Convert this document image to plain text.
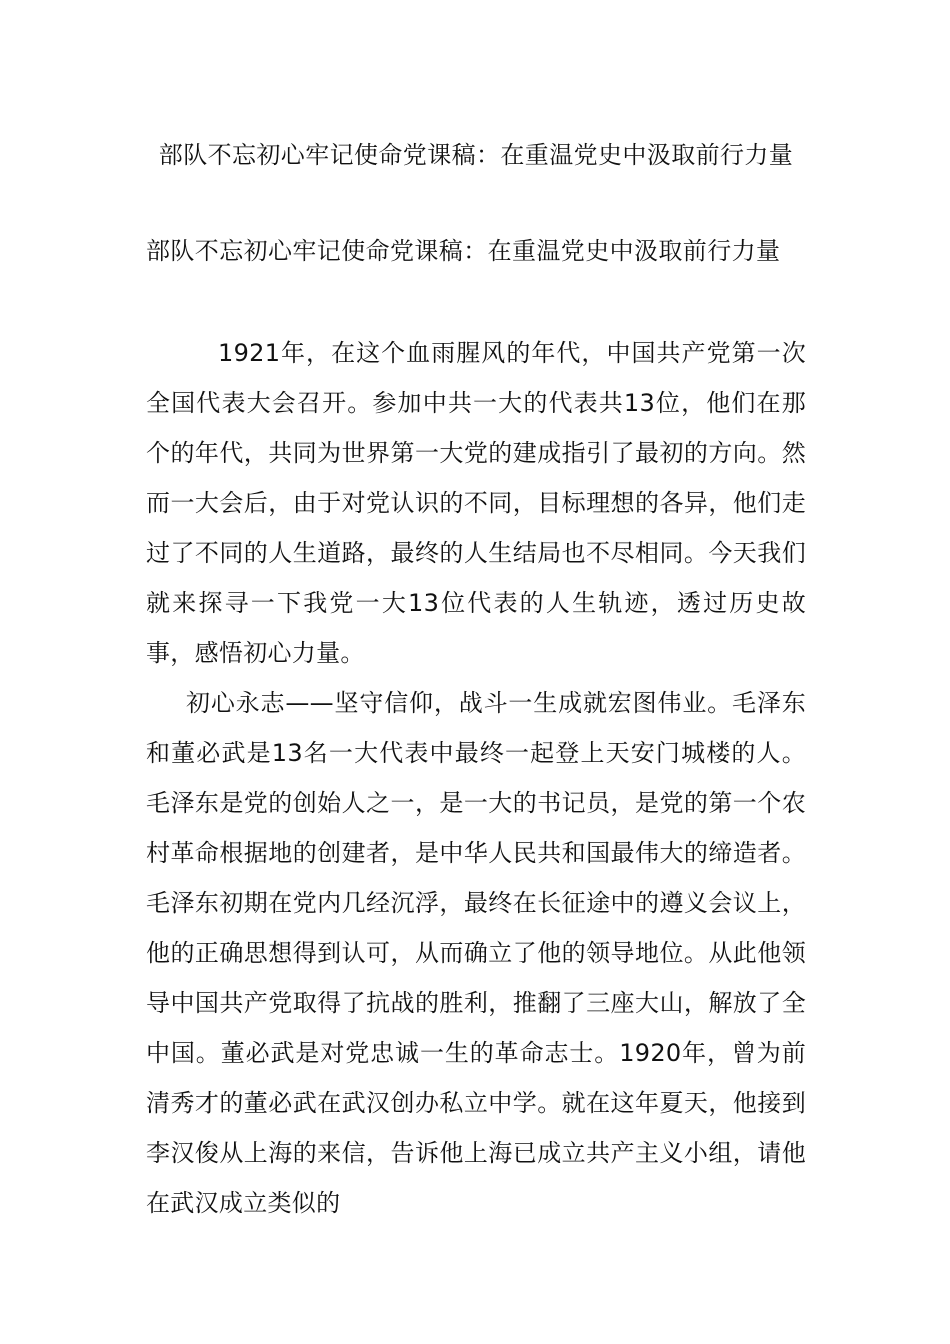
部队不忘初心牢记使命党课稿：在重温党史中汲取前行力量
部队不忘初心牢记使命党课稿：在重温党史中汲取前行力量

1921年，在这个血雨腥风的年代，中国共产党第一次全国代表大会召开。参加中共一大的代表共13位，他们在那个的年代，共同为世界第一大党的建成指引了最初的方向。然而一大会后，由于对党认识的不同，目标理想的各异，他们走过了不同的人生道路，最终的人生结局也不尽相同。今天我们就来探寻一下我党一大13位代表的人生轨迹，透过历史故事，感悟初心力量。

初心永志——坚守信仰，战斗一生成就宏图伟业。毛泽东和董必武是13名一大代表中最终一起登上天安门城楼的人。毛泽东是党的创始人之一，是一大的书记员，是党的第一个农村革命根据地的创建者，是中华人民共和国最伟大的缔造者。毛泽东初期在党内几经沉浮，最终在长征途中的遵义会议上，他的正确思想得到认可，从而确立了他的领导地位。从此他领导中国共产党取得了抗战的胜利，推翻了三座大山，解放了全中国。董必武是对党忠诚一生的革命志士。1920年，曾为前清秀才的董必武在武汉创办私立中学。就在这年夏天，他接到李汉俊从上海的来信，告诉他上海已成立共产主义小组，请他在武汉成立类似的
